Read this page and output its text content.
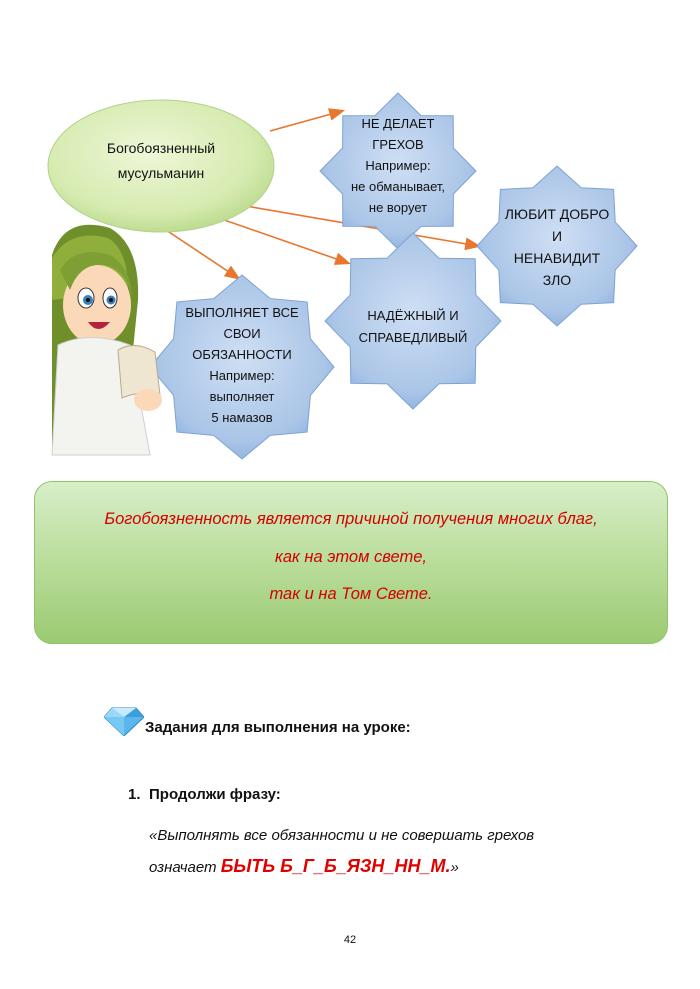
Богобоязненный
мусульманин
НЕ ДЕЛАЕТ
ГРЕХОВ
Например:
не обманывает,
не ворует	ЛЮБИТ ДОБРО
И
НЕНАВИДИТ
ЗЛО
НАДЁЖНЫЙ И
СПРАВЕДЛИВЫЙ
ВЫПОЛНЯЕТ ВСЕ
СВОИ
ОБЯЗАННОСТИ
Например:
выполняет
5 намазов
Богобоязненность является причиной получения многих благ,
как на этом свете,
так и на Том Свете.
Задания для выполнения на уроке:
1. Продолжи фразу:
«Выполнять все обязанности и не совершать грехов
означает БЫТЬ Б_Г_Б_ЯЗН_НН_М.»
42
